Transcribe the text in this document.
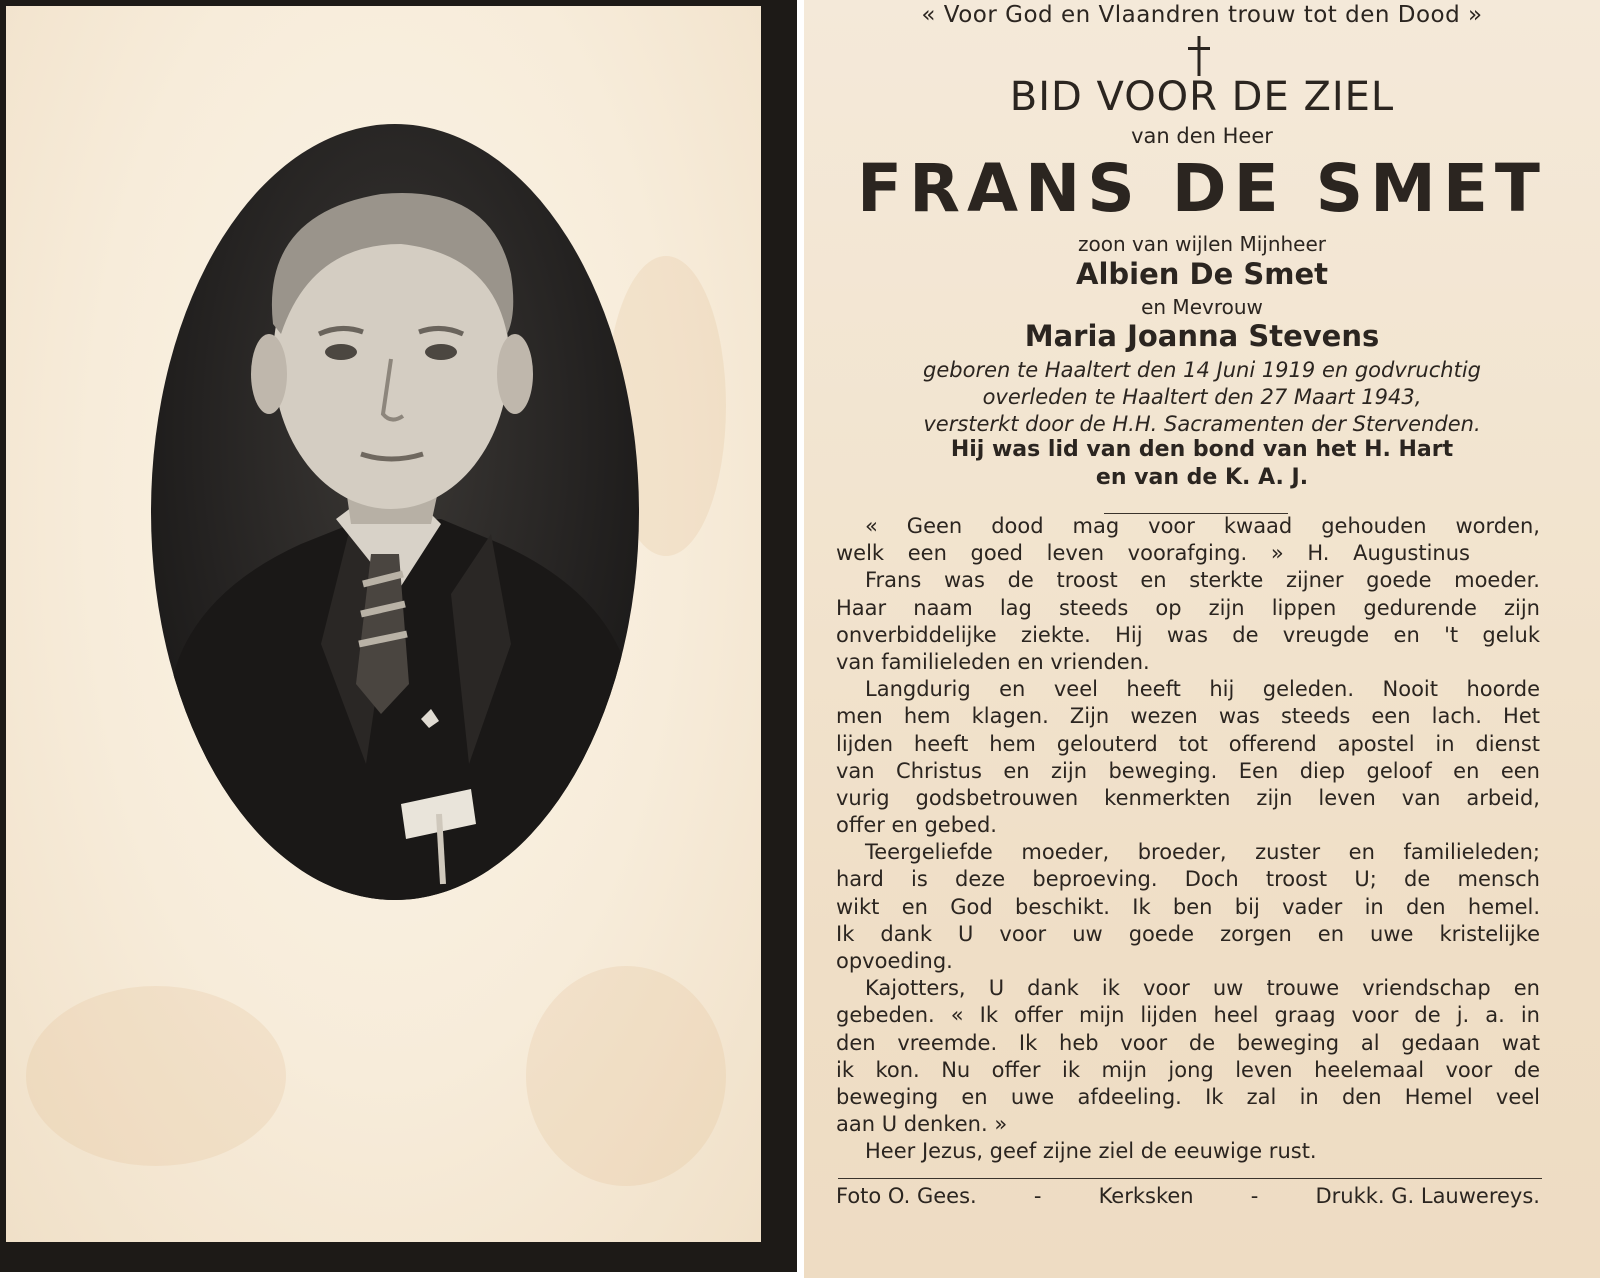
« Voor God en Vlaandren trouw tot den Dood »
BID VOOR DE ZIEL
van den Heer
FRANS DE SMET
zoon van wijlen Mijnheer
Albien De Smet
en Mevrouw
Maria Joanna Stevens
geboren te Haaltert den 14 Juni 1919 en godvruchtig
overleden te Haaltert den 27 Maart 1943,
versterkt door de H.H. Sacramenten der Stervenden.
Hij was lid van den bond van het H. Hart
en van de K. A. J.
« Geen dood mag voor kwaad gehouden worden,
welk een goed leven voorafging. » H. Augustinus
Frans was de troost en sterkte zijner goede moeder.
Haar naam lag steeds op zijn lippen gedurende zijn
onverbiddelijke ziekte. Hij was de vreugde en 't geluk
van familieleden en vrienden.
Langdurig en veel heeft hij geleden. Nooit hoorde
men hem klagen. Zijn wezen was steeds een lach. Het
lijden heeft hem gelouterd tot offerend apostel in dienst
van Christus en zijn beweging. Een diep geloof en een
vurig godsbetrouwen kenmerkten zijn leven van arbeid,
offer en gebed.
Teergeliefde moeder, broeder, zuster en familieleden;
hard is deze beproeving. Doch troost U; de mensch
wikt en God beschikt. Ik ben bij vader in den hemel.
Ik dank U voor uw goede zorgen en uwe kristelijke
opvoeding.
Kajotters, U dank ik voor uw trouwe vriendschap en
gebeden. « Ik offer mijn lijden heel graag voor de j. a. in
den vreemde. Ik heb voor de beweging al gedaan wat
ik kon. Nu offer ik mijn jong leven heelemaal voor de
beweging en uwe afdeeling. Ik zal in den Hemel veel
aan U denken. »
Heer Jezus, geef zijne ziel de eeuwige rust.
Foto O. Gees.	-	Kerksken	-	Drukk. G. Lauwereys.
